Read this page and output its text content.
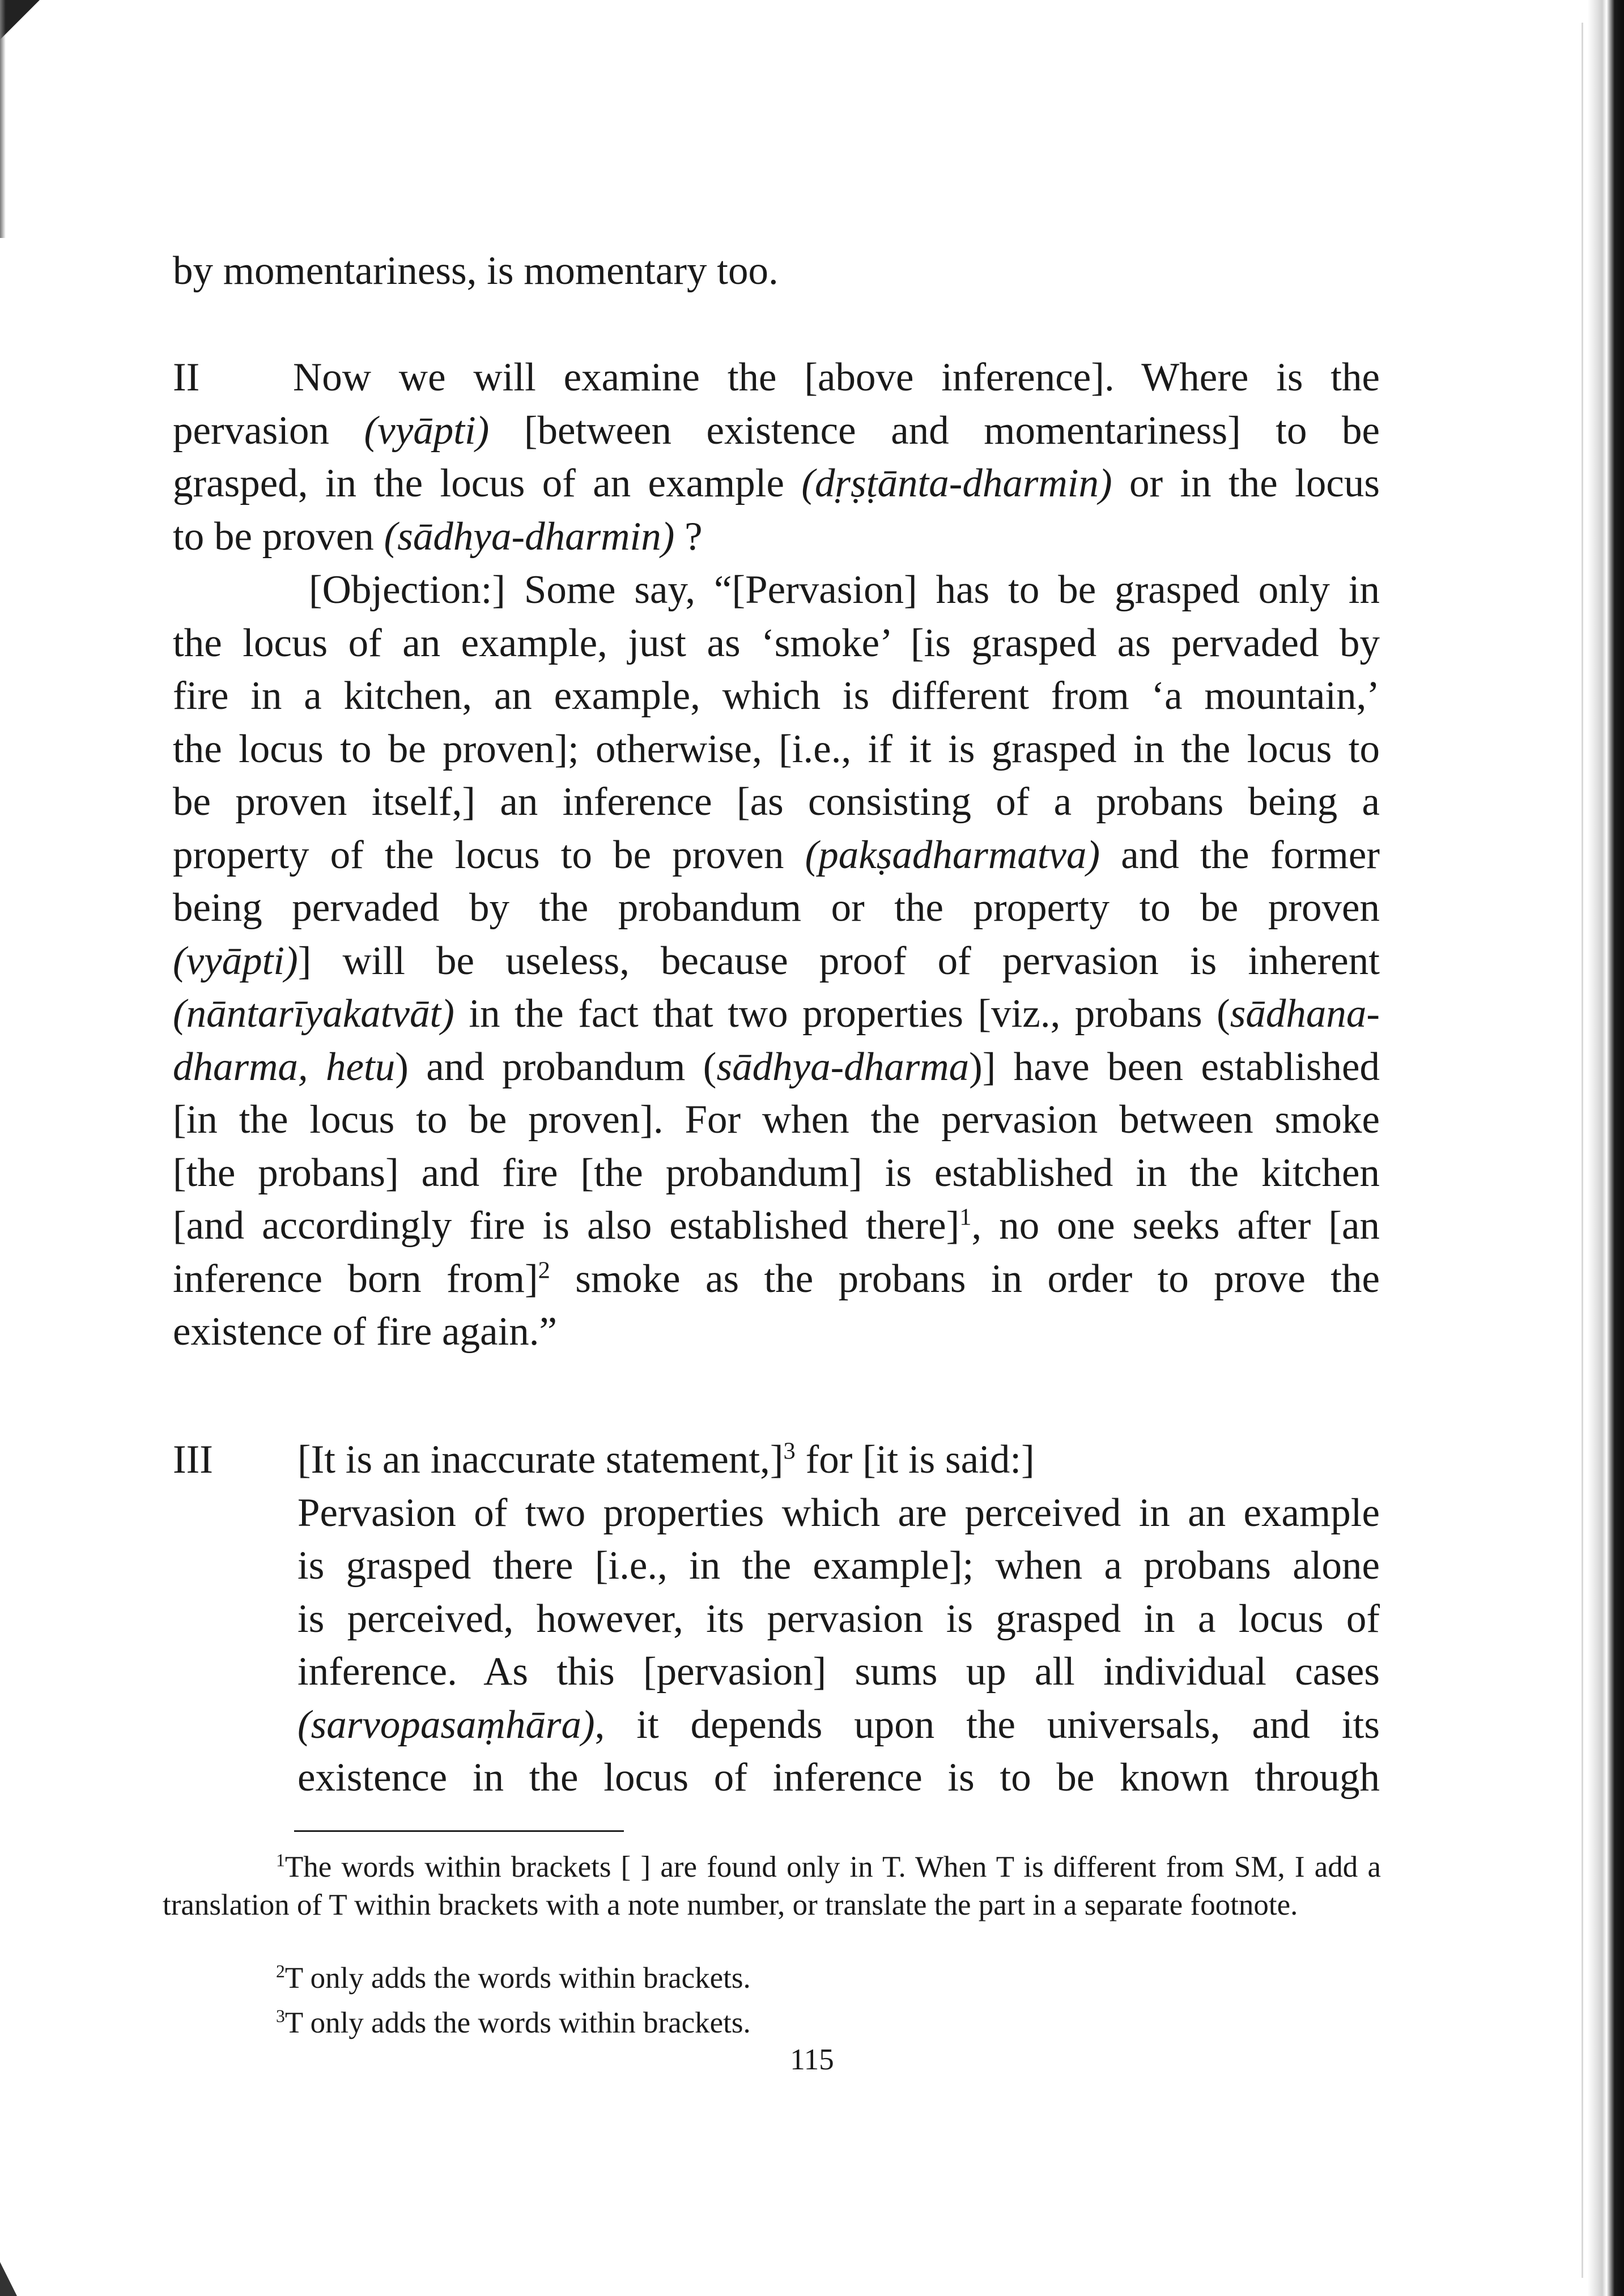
by momentariness, is momentary too.
II Now we will examine the [above inference]. Where is the
pervasion (vyāpti) [between existence and momentariness] to be
grasped, in the locus of an example (dṛṣṭānta-dharmin) or in the locus
to be proven (sādhya-dharmin) ?
[Objection:] Some say, “[Pervasion] has to be grasped only in
the locus of an example, just as ‘smoke’ [is grasped as pervaded by
fire in a kitchen, an example, which is different from ‘a mountain,’
the locus to be proven]; otherwise, [i.e., if it is grasped in the locus to
be proven itself,] an inference [as consisting of a probans being a
property of the locus to be proven (pakṣadharmatva) and the former
being pervaded by the probandum or the property to be proven
(vyāpti)] will be useless, because proof of pervasion is inherent
(nāntarīyakatvāt) in the fact that two properties [viz., probans (sādhana-
dharma, hetu) and probandum (sādhya-dharma)] have been established
[in the locus to be proven]. For when the pervasion between smoke
[the probans] and fire [the probandum] is established in the kitchen
[and accordingly fire is also established there]$^1$, no one seeks after [an
inference born from]$^2$ smoke as the probans in order to prove the
existence of fire again.”
III [It is an inaccurate statement,]$^3$ for [it is said:]
Pervasion of two properties which are perceived in an example
is grasped there [i.e., in the example]; when a probans alone
is perceived, however, its pervasion is grasped in a locus of
inference. As this [pervasion] sums up all individual cases
(sarvopasaṃhāra), it depends upon the universals, and its
existence in the locus of inference is to be known through
$^1$The words within brackets [ ] are found only in T. When T is different from SM, I add a translation of T within brackets with a note number, or translate the part in a separate footnote.
$^2$T only adds the words within brackets.
$^3$T only adds the words within brackets.
115
